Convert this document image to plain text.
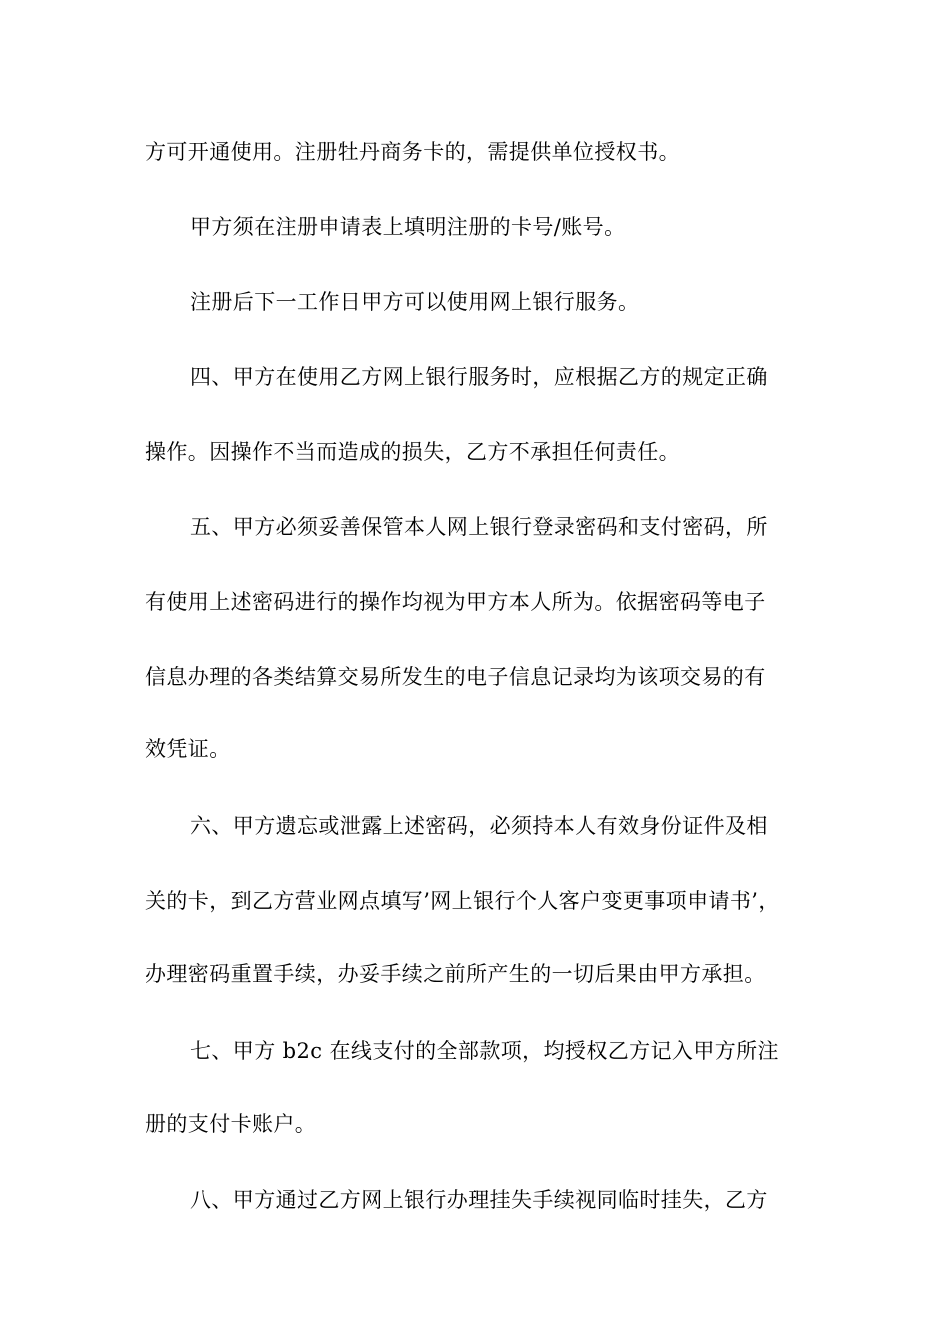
方可开通使用。注册牡丹商务卡的，需提供单位授权书。
甲方须在注册申请表上填明注册的卡号/账号。
注册后下一工作日甲方可以使用网上银行服务。
四、甲方在使用乙方网上银行服务时，应根据乙方的规定正确
操作。因操作不当而造成的损失，乙方不承担任何责任。
五、甲方必须妥善保管本人网上银行登录密码和支付密码，所
有使用上述密码进行的操作均视为甲方本人所为。依据密码等电子
信息办理的各类结算交易所发生的电子信息记录均为该项交易的有
效凭证。
六、甲方遗忘或泄露上述密码，必须持本人有效身份证件及相
关的卡，到乙方营业网点填写’网上银行个人客户变更事项申请书’，
办理密码重置手续，办妥手续之前所产生的一切后果由甲方承担。
七、甲方 b2c 在线支付的全部款项，均授权乙方记入甲方所注
册的支付卡账户。
八、甲方通过乙方网上银行办理挂失手续视同临时挂失，乙方
